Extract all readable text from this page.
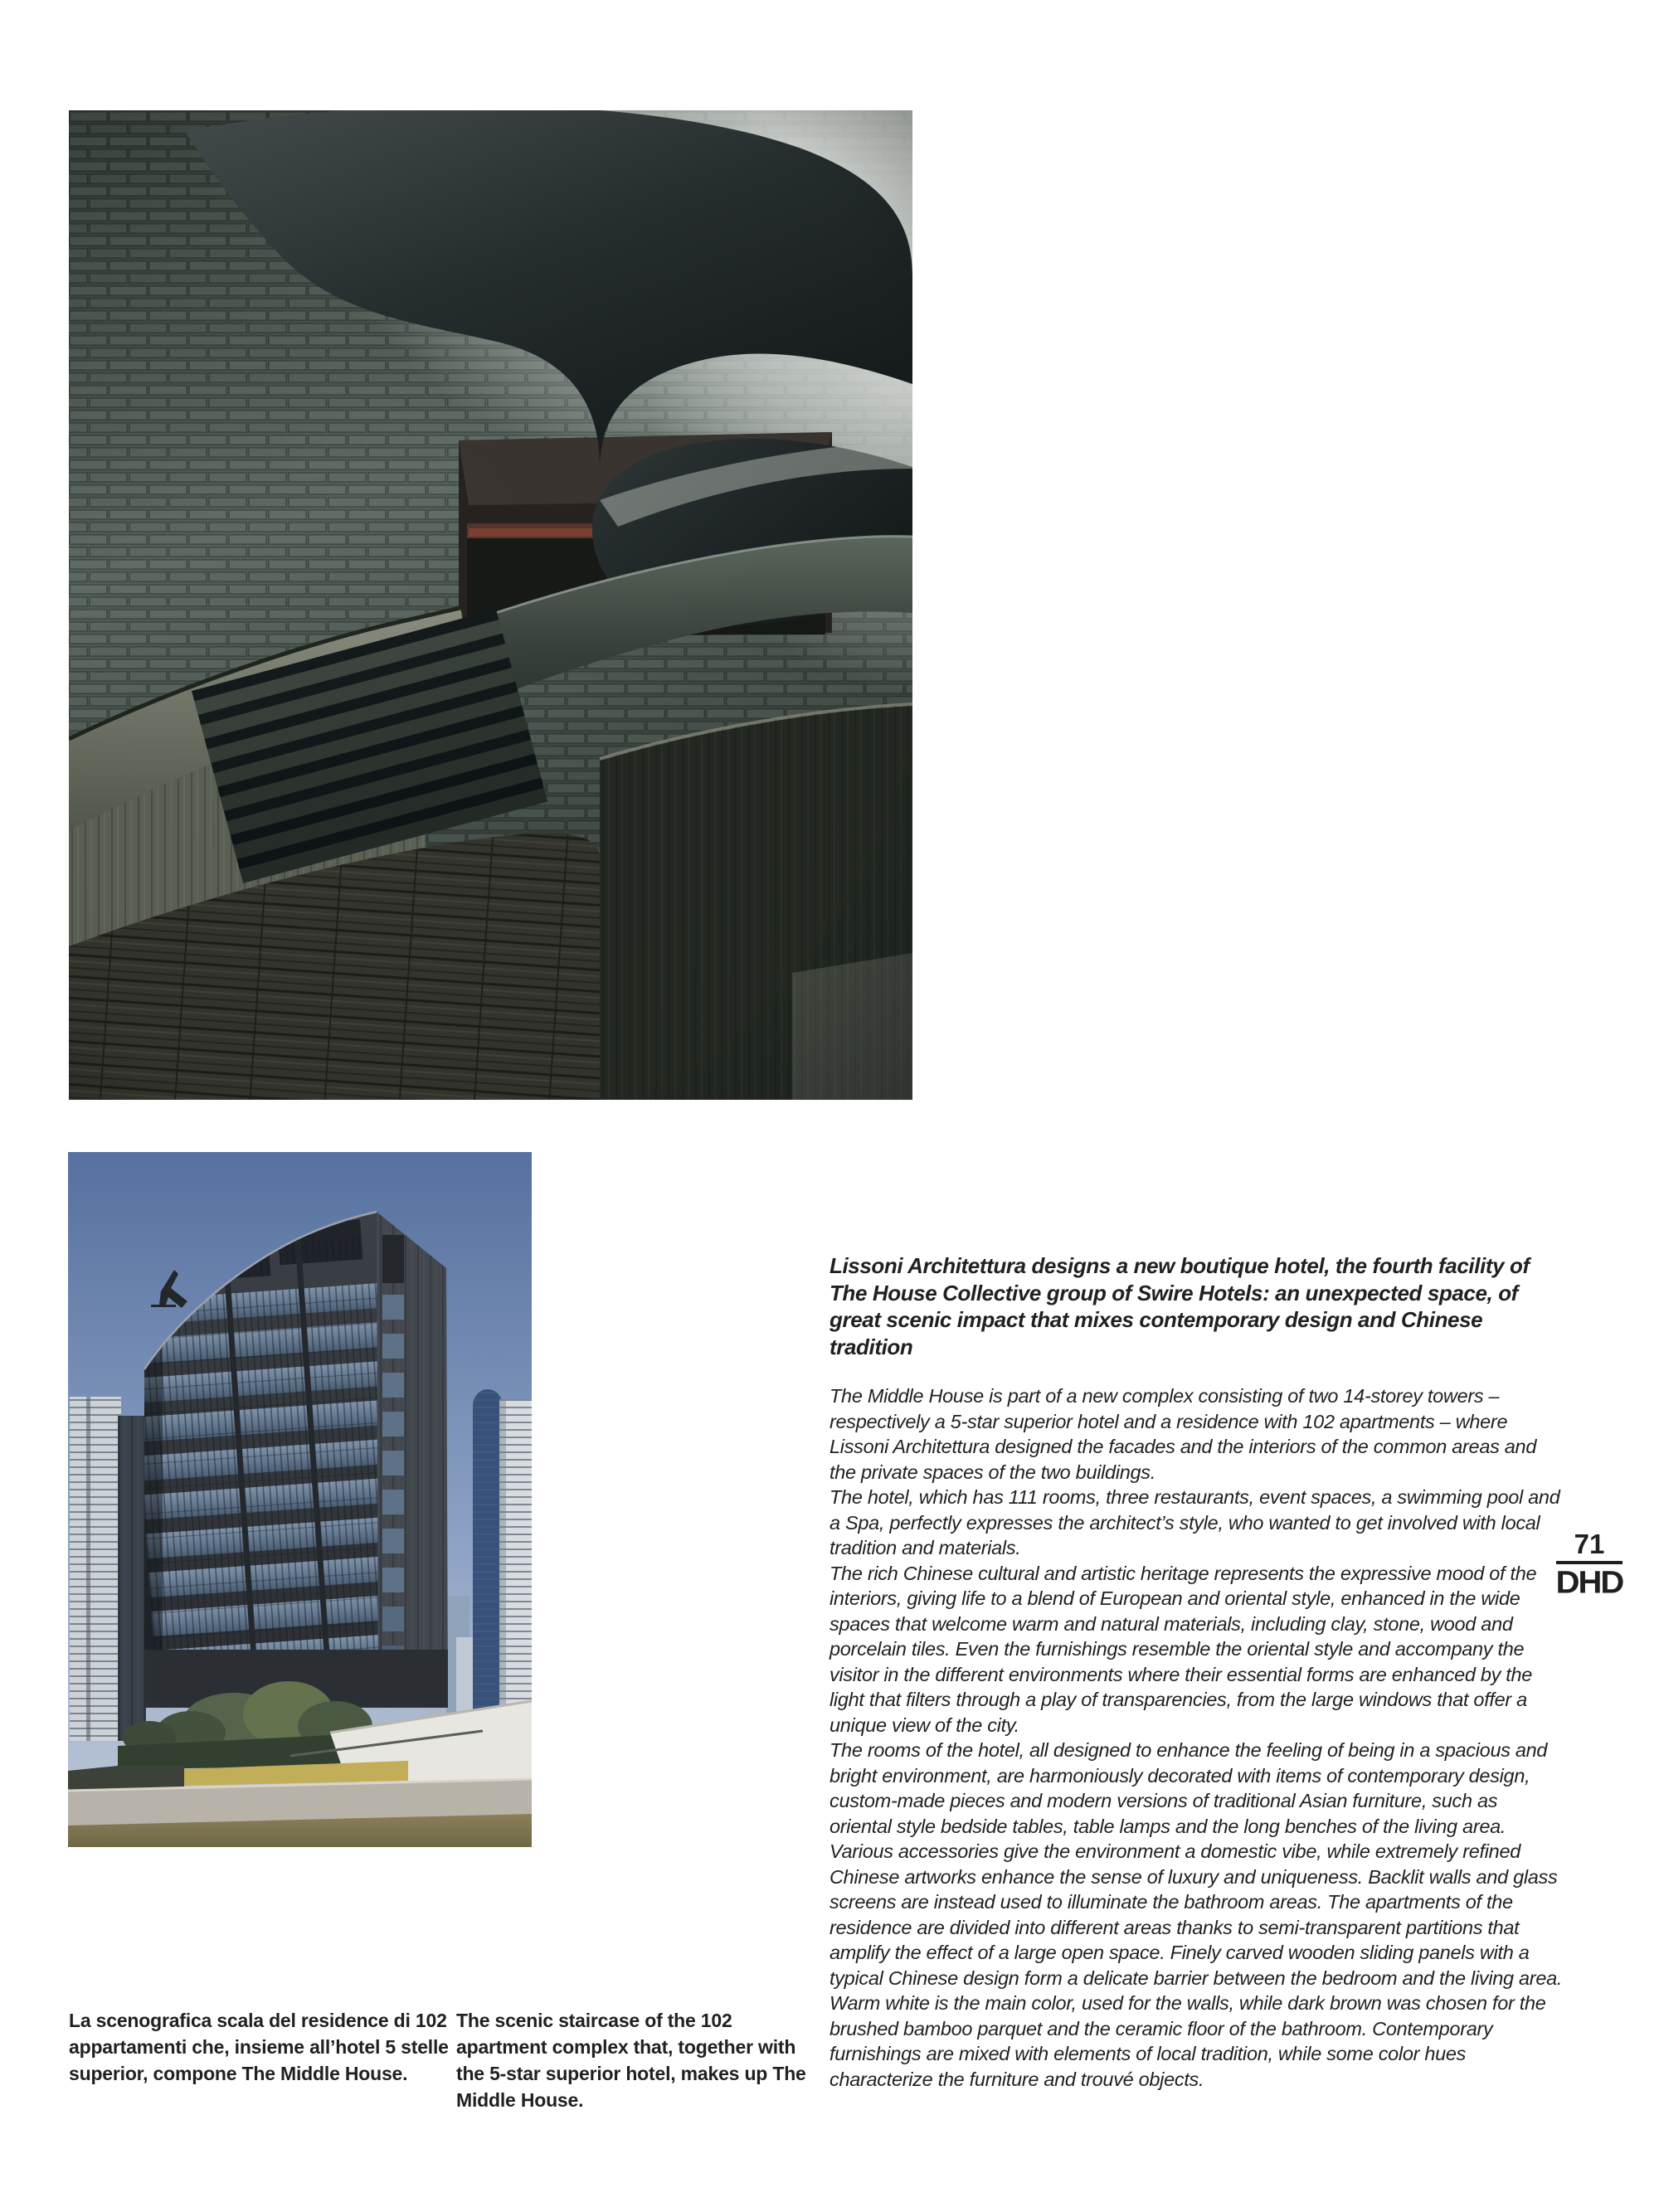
Lissoni Architettura designs a new boutique hotel, the fourth facility of The House Collective group of Swire Hotels: an unexpected space, of great scenic impact that mixes contemporary design and Chinese tradition

The Middle House is part of a new complex consisting of two 14-storey towers – respectively a 5-star superior hotel and a residence with 102 apartments – where Lissoni Architettura designed the facades and the interiors of the common areas and the private spaces of the two buildings.

The hotel, which has 111 rooms, three restaurants, event spaces, a swimming pool and a Spa, perfectly expresses the architect’s style, who wanted to get involved with local tradition and materials.

The rich Chinese cultural and artistic heritage represents the expressive mood of the interiors, giving life to a blend of European and oriental style, enhanced in the wide spaces that welcome warm and natural materials, including clay, stone, wood and porcelain tiles. Even the furnishings resemble the oriental style and accompany the visitor in the different environments where their essential forms are enhanced by the light that filters through a play of transparencies, from the large windows that offer a unique view of the city.

The rooms of the hotel, all designed to enhance the feeling of being in a spacious and bright environment, are harmoniously decorated with items of contemporary design, custom-made pieces and modern versions of traditional Asian furniture, such as oriental style bedside tables, table lamps and the long benches of the living area. Various accessories give the environment a domestic vibe, while extremely refined Chinese artworks enhance the sense of luxury and uniqueness. Backlit walls and glass screens are instead used to illuminate the bathroom areas. The apartments of the residence are divided into different areas thanks to semi-transparent partitions that amplify the effect of a large open space. Finely carved wooden sliding panels with a typical Chinese design form a delicate barrier between the bedroom and the living area. Warm white is the main color, used for the walls, while dark brown was chosen for the brushed bamboo parquet and the ceramic floor of the bathroom. Contemporary furnishings are mixed with elements of local tradition, while some color hues characterize the furniture and trouvé objects.

71
DHD

La scenografica scala del residence di 102 appartamenti che, insieme all’hotel 5 stelle superior, compone The Middle House.

The scenic staircase of the 102 apartment complex that, together with the 5-star superior hotel, makes up The Middle House.
